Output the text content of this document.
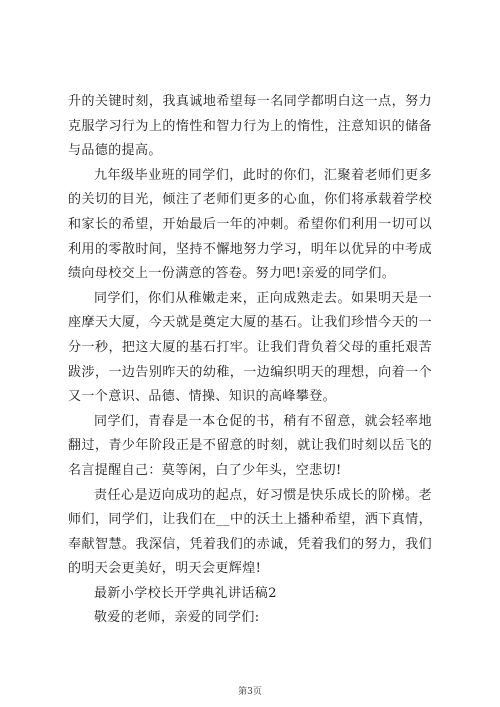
升的关键时刻，我真诚地希望每一名同学都明白这一点，努力克服学习行为上的惰性和智力行为上的惰性，注意知识的储备与品德的提高。

九年级毕业班的同学们，此时的你们，汇聚着老师们更多的关切的目光，倾注了老师们更多的心血，你们将承载着学校和家长的希望，开始最后一年的冲刺。希望你们利用一切可以利用的零散时间，坚持不懈地努力学习，明年以优异的中考成绩向母校交上一份满意的答卷。努力吧!亲爱的同学们。

同学们，你们从稚嫩走来，正向成熟走去。如果明天是一座摩天大厦，今天就是奠定大厦的基石。让我们珍惜今天的一分一秒，把这大厦的基石打牢。让我们背负着父母的重托艰苦跋涉，一边告别昨天的幼稚，一边编织明天的理想，向着一个又一个意识、品德、情操、知识的高峰攀登。

同学们，青春是一本仓促的书，稍有不留意，就会轻率地翻过，青少年阶段正是不留意的时刻，就让我们时刻以岳飞的名言提醒自己：莫等闲，白了少年头，空悲切!

责任心是迈向成功的起点，好习惯是快乐成长的阶梯。老师们，同学们，让我们在__中的沃土上播种希望，洒下真情，奉献智慧。我深信，凭着我们的赤诚，凭着我们的努力，我们的明天会更美好，明天会更辉煌!

最新小学校长开学典礼讲话稿2

敬爱的老师，亲爱的同学们:

第3页
